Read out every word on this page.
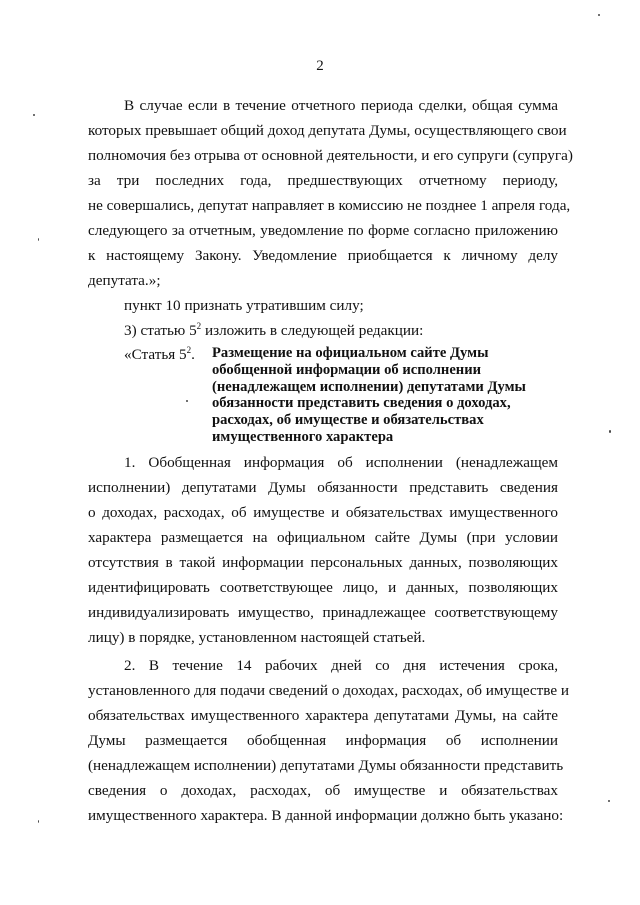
2
В случае если в течение отчетного периода сделки, общая сумма
которых превышает общий доход депутата Думы, осуществляющего свои
полномочия без отрыва от основной деятельности, и его супруги (супруга)
за три последних года, предшествующих отчетному периоду,
не совершались, депутат направляет в комиссию не позднее 1 апреля года,
следующего за отчетным, уведомление по форме согласно приложению
к настоящему Закону. Уведомление приобщается к личному делу
депутата.»;
пункт 10 признать утратившим силу;
3) статью $5^2$ изложить в следующей редакции:
«Статья $5^2$. Размещение на официальном сайте Думы
обобщенной информации об исполнении
(ненадлежащем исполнении) депутатами Думы
обязанности представить сведения о доходах,
расходах, об имуществе и обязательствах
имущественного характера
1. Обобщенная информация об исполнении (ненадлежащем
исполнении) депутатами Думы обязанности представить сведения
о доходах, расходах, об имуществе и обязательствах имущественного
характера размещается на официальном сайте Думы (при условии
отсутствия в такой информации персональных данных, позволяющих
идентифицировать соответствующее лицо, и данных, позволяющих
индивидуализировать имущество, принадлежащее соответствующему
лицу) в порядке, установленном настоящей статьей.
2. В течение 14 рабочих дней со дня истечения срока,
установленного для подачи сведений о доходах, расходах, об имуществе и
обязательствах имущественного характера депутатами Думы, на сайте
Думы размещается обобщенная информация об исполнении
(ненадлежащем исполнении) депутатами Думы обязанности представить
сведения о доходах, расходах, об имуществе и обязательствах
имущественного характера. В данной информации должно быть указано:
